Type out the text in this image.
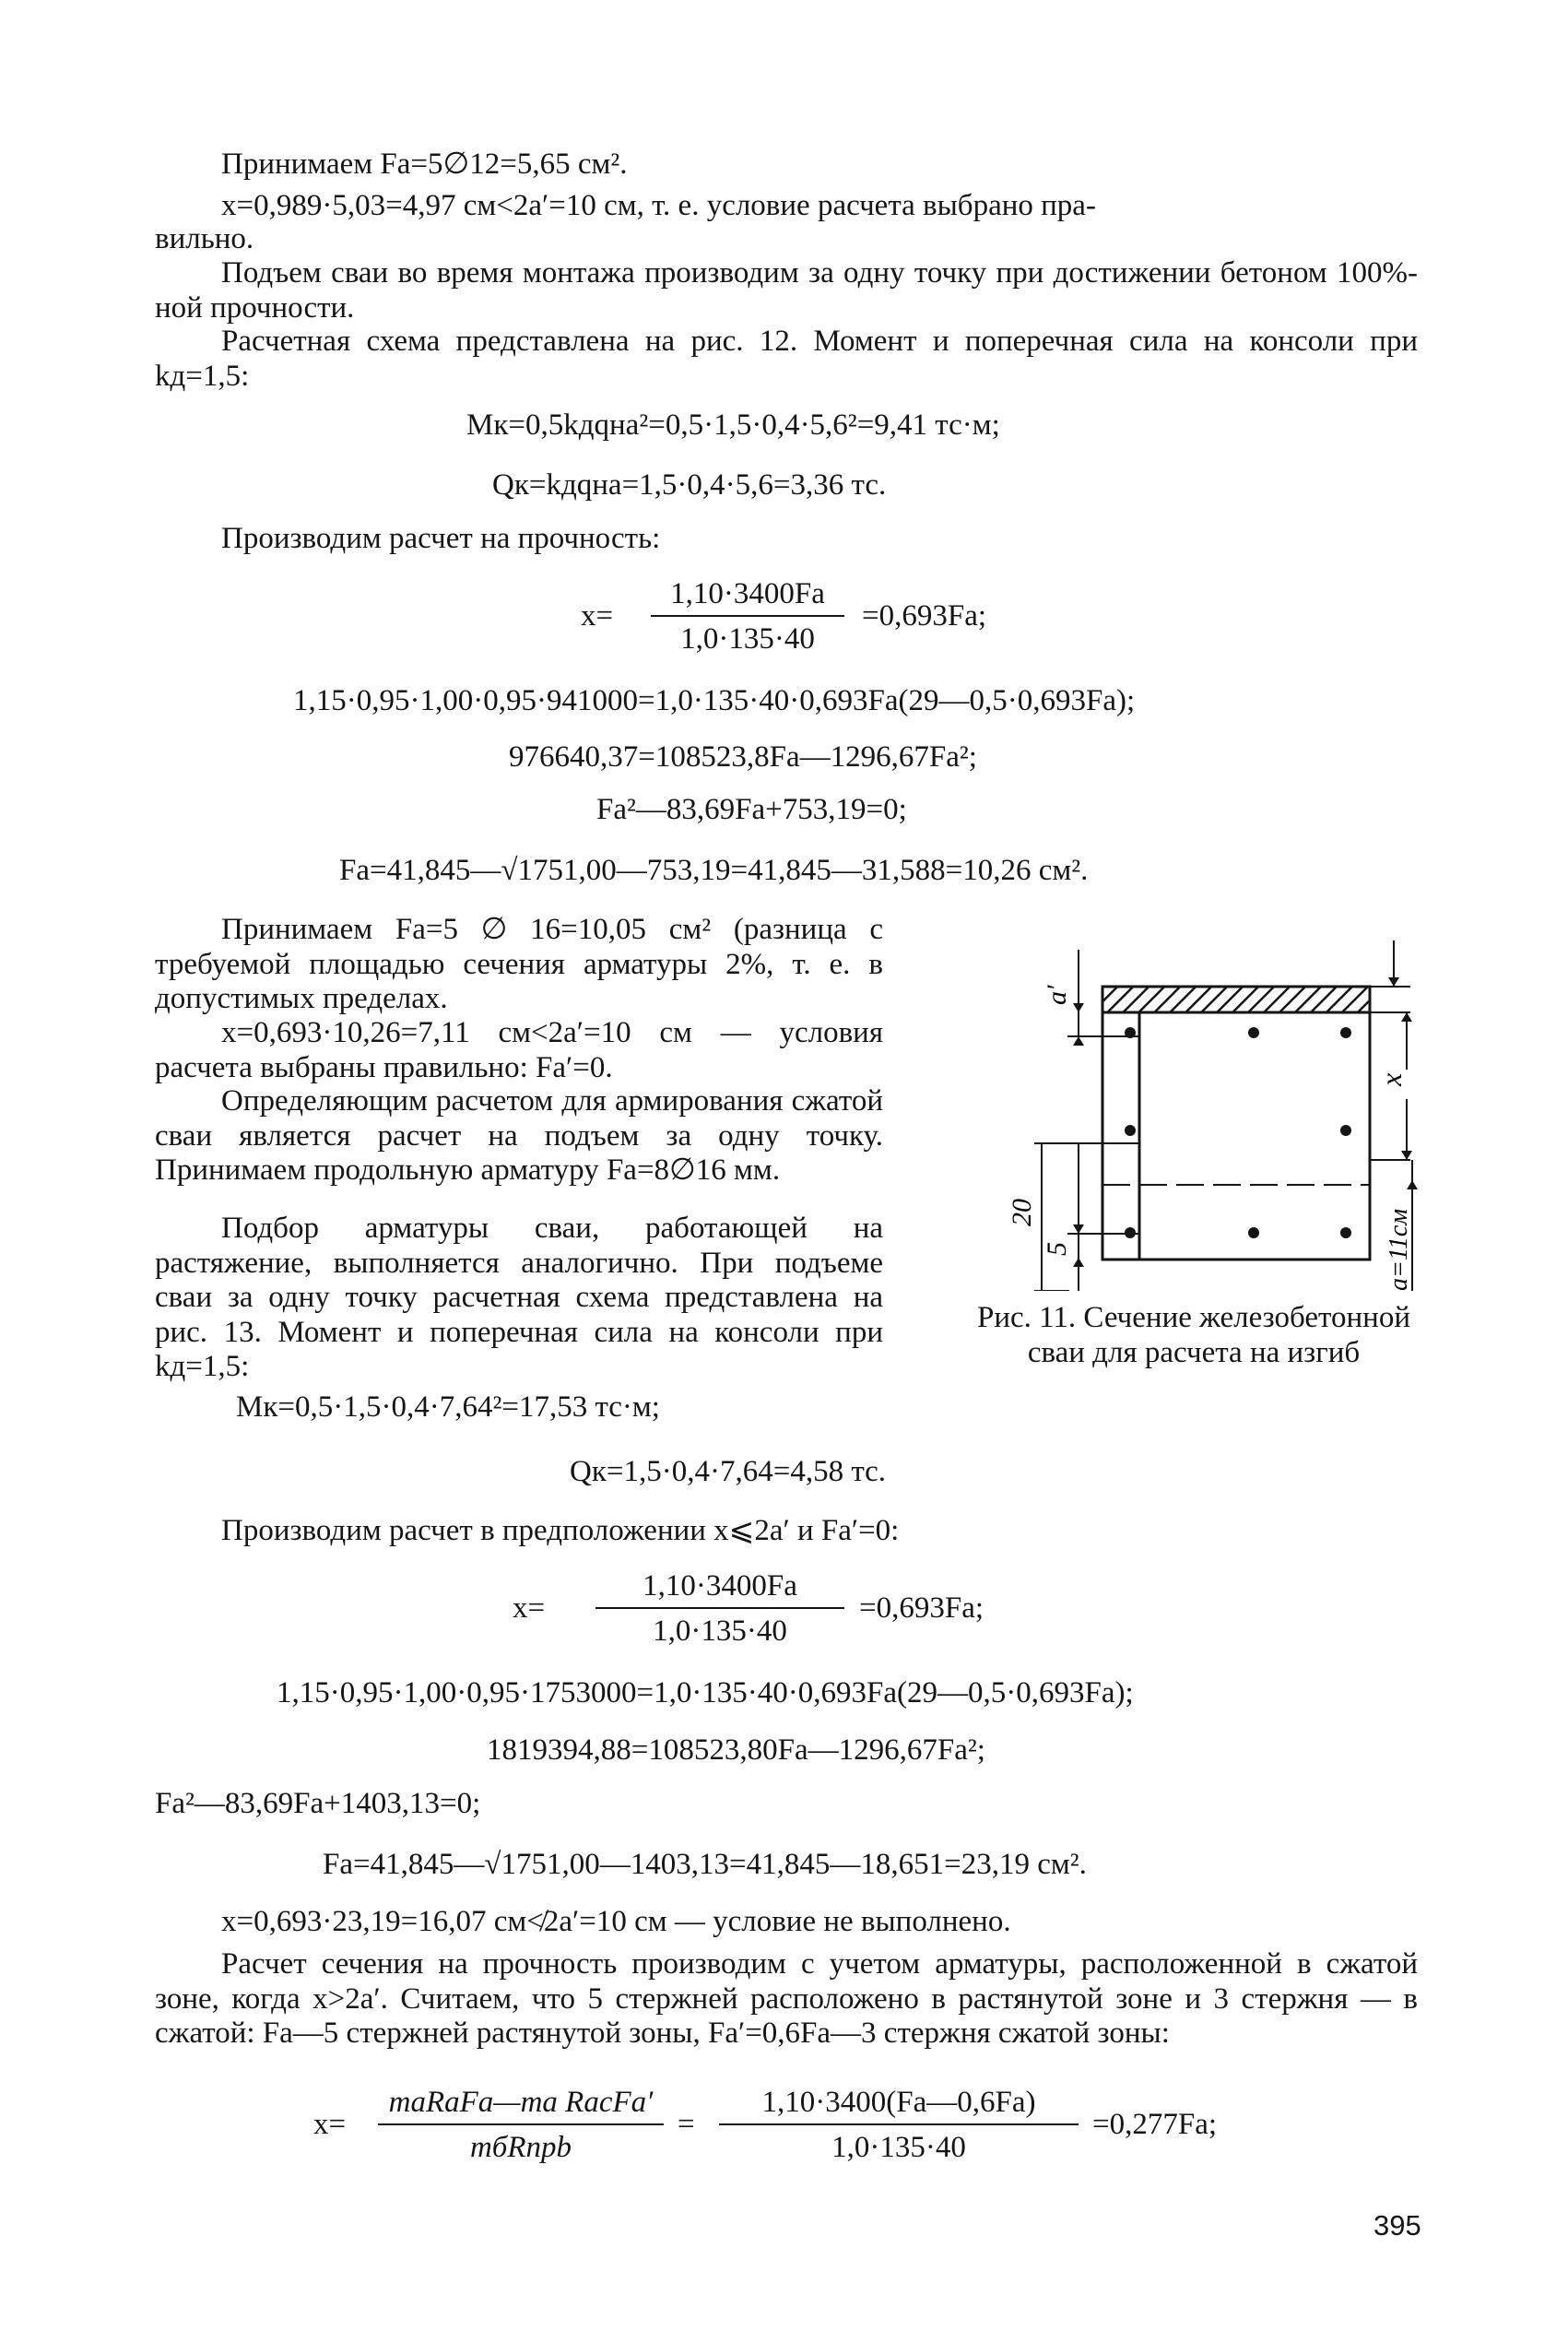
Принимаем Fa=5∅12=5,65 см².
x=0,989·5,03=4,97 см<2a′=10 см, т. е. условие расчета выбрано пра-
вильно.

Подъем сваи во время монтажа производим за одну точку при достижении бетоном 100%-ной прочности.

Расчетная схема представлена на рис. 12. Момент и поперечная сила на консоли при kд=1,5:

Mк=0,5kдqнa²=0,5·1,5·0,4·5,6²=9,41 тс·м;
Qк=kдqнa=1,5·0,4·5,6=3,36 тс.
Производим расчет на прочность:
x=
1,10·3400Fa
1,0·135·40
=0,693Fa;
1,15·0,95·1,00·0,95·941000=1,0·135·40·0,693Fa(29—0,5·0,693Fa);
976640,37=108523,8Fa—1296,67Fa²;
Fa²—83,69Fa+753,19=0;
Fa=41,845—√1751,00—753,19=41,845—31,588=10,26 см².

Принимаем Fa=5 ∅ 16=10,05 см² (разница с требуемой площадью сечения арматуры 2%, т. е. в допустимых пределах.

x=0,693·10,26=7,11 см<2a′=10 см — условия расчета выбраны правильно: Fa′=0.

Определяющим расчетом для армирования сжатой сваи является расчет на подъем за одну точку. Принимаем продольную арматуру Fa=8∅16 мм.

Подбор арматуры сваи, работающей на растяжение, выполняется аналогично. При подъеме сваи за одну точку расчетная схема представлена на рис. 13. Момент и поперечная сила на консоли при kд=1,5:

Mк=0,5·1,5·0,4·7,64²=17,53 тс·м;
a′
20
5
x
a=11см
Рис. 11. Сечение железобетонной сваи для расчета на изгиб
Qк=1,5·0,4·7,64=4,58 тс.
Производим расчет в предположении x⩽2a′ и Fa′=0:
x=
1,10·3400Fa
1,0·135·40
=0,693Fa;
1,15·0,95·1,00·0,95·1753000=1,0·135·40·0,693Fa(29—0,5·0,693Fa);
1819394,88=108523,80Fa—1296,67Fa²;
Fa²—83,69Fa+1403,13=0;
Fa=41,845—√1751,00—1403,13=41,845—18,651=23,19 см².
x=0,693·23,19=16,07 см≮2a′=10 см — условие не выполнено.

Расчет сечения на прочность производим с учетом арматуры, расположенной в сжатой зоне, когда x>2a′. Считаем, что 5 стержней расположено в растянутой зоне и 3 стержня — в сжатой: Fa—5 стержней растянутой зоны, Fa′=0,6Fa—3 стержня сжатой зоны:

x=
maRaFa—ma RacFa′
mбRпрb
=
1,10·3400(Fa—0,6Fa)
1,0·135·40
=0,277Fa;
395
